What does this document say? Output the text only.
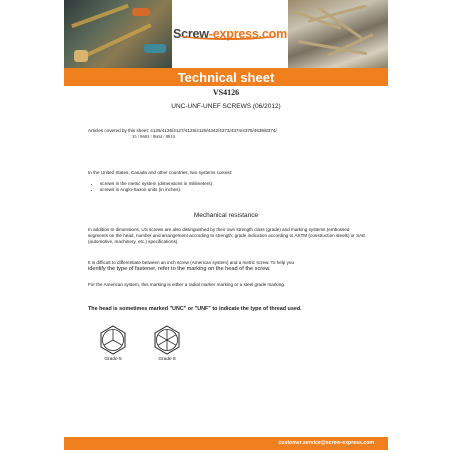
Screw-express.com
Technical sheet
VS4126
UNC-UNF-UNEF SCREWS (06/2012)
Articles covered by this sheet: 4125/4126/4127/4128/4129/4342/4373/4374/4375/4638/8374/
35 / 8603 / 8604 / 8810.
In the United States, Canada and other countries, two systems coexist:
• screws in the metric system (dimensions in millimeters)
• screws in Anglo-Saxon units (in inches).
Mechanical resistance
In addition to dimensions, US screws are also distinguished by their own strength class (grade) and marking systems (embossed segments on the head, number and arrangement according to strength; grade indication according to ASTM (construction steels) or SAE (automotive, machinery, etc.) specifications).
It is difficult to differentiate between an inch screw (American system) and a metric screw. To help you
identify the type of fastener, refer to the marking on the head of the screw.
For the American system, this marking is either a radial marker marking or a steel grade marking.
The head is sometimes marked "UNC" or "UNF" to indicate the type of thread used.
Grade 5	Grade 8
customer.service@screw-express.com
